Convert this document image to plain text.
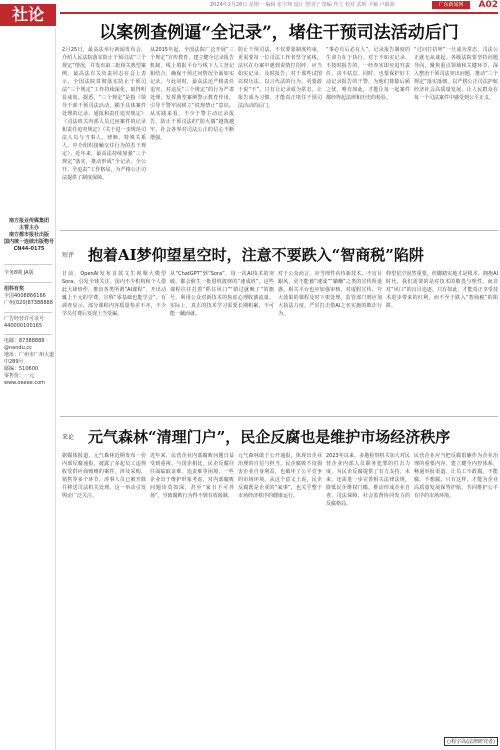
社论	2024年2月26日 星期一 编辑 张宇翔 设计 舒国宁 图编 佟立 校对 武昕 尹颖 卢路源	广东新闻网	A02
南方报业传媒集团
主管主办
南方都市报社出版
国内统一连续出版物号
CN44-0175
全务8期 JA版
招科有奖
全国4008866166
广州(020)87388888
广告经营许可证号
440000100165
电邮：87388888
@nandu.cc
地址：广州市广州大道中289号
邮编：510600
零售价：一元
www.oeeee.com
以案例查例逼“全记录”，堵住干预司法活动后门
2月25日，最高法举行新闻发布会，介绍人民法院落实防止干预司法“三个规定”情况，并发布第二批相关典型案例。最高法有关负责同志在会上表示，全国法院贯彻落实防止干预司法“三个规定”工作持续深化，取得明显成效。据悉，“三个规定”是指《领导干部干预司法活动、插手具体案件处理的记录、通报和责任追究规定》《司法机关内部人员过问案件的记录和责任追究规定》《关于进一步规范司法人员与当事人、律师、特殊关系人、中介组织接触交往行为的若干规定》。近年来，最高法持续加强“三个规定”落实，推动形成“全记录、全公开、全追责”工作格局，为严格公正司法提供了制度保障。
从2015年起，全国法院广泛开展“三个规定”宣传教育，建立健全记录报告机制，线上填报平台与线下人工登记相结合，确保干预过问情况全面如实记录。与此同时，最高法还严格责任追究，对违反“三个规定”的行为严肃处理，发挥典型案例警示教育作用，引导干警牢固树立“铁规禁止”意识。从实践来看，不少干警主动记录报告，防止干预司法的“防火墙”越筑越牢，社会各界对司法公正的信心不断增强。
防止干预司法，不仅要靠制度约束，更需要每一位司法工作者坚守底线。法官在办案中遇到说情打招呼，应当如实记录、及时报告；对于那些试图以权压法、以言代法的行为，更要敢于说“不”。只有让记录成为常态，让报告成为习惯，才能真正堵住干预司法活动的后门。
“事必有后必有人”。记录报告制度的生命力在于执行。对于不如实记录、不按时报告的，一经查实即应追究责任，决不姑息。同时，也要保护好主动记录报告的干警，为他们排除后顾之忧。唯有如此，才能让每一起案件都经得起法律和历史的检验。
“过问打招呼”一旦成为常态，司法公正就无从谈起。各级法院要坚持问题导向，聚焦重点领域和关键环节，深入整治干预司法突出问题，推动“三个规定”落实落细，以严格公正司法护航经济社会高质量发展，让人民群众在每一个司法案件中感受到公平正义。
短评 抱着AI梦仰望星空时，注意不要跌入“智商税”陷阱
日前，OpenAI发布首款文生视频大模型Sora，引发全球关注。国内不少机构和个人借此大肆炒作，推出各类所谓“AI课程”，开出动辄上千元的学费，宣称“零基础也能学会”。有调查显示，部分课程内容质量参差不齐，不少学员付费后发现上当受骗。
从“ChatGPT”到“Sora”，每一次AI技术的突破，都会催生一批借机敛财的“速成班”。这些课程往往打着“抓住风口”“错过就晚了”的旗号，利用公众对新技术的焦虑心理收割流量。实际上，真正的技术学习需要长期积累，不可能一蹴而就。
对于公众而言，应当理性看待新技术，不盲目跟风，更不能被“速成”“躺赚”之类的宣传所迷惑。相关平台也应加强审核，对虚假宣传、夸大效果的课程及时下架处理。监管部门则应加大执法力度，严厉打击借AI之名实施的欺诈行为。
仰望星空固然重要，但脚踏实地才是根本。拥抱AI时代，我们需要的是对技术的敬畏与理性，而非对“风口”的盲目追逐。只有如此，才能真正享受技术进步带来的红利，而不至于跌入“智商税”的陷阱。
来论 元气森林“清理门户”，民企反腐也是维护市场经济秩序
据媒体报道，元气森林近期发布一份内部反腐通报，披露了多起员工违规收受供应商贿赂的案件，涉及采购、销售等多个环节。涉事人员已被开除并移送司法机关处理。这一举动引发舆论广泛关注。
近年来，民营企业内部腐败问题日益受到重视。与国企相比，民企反腐往往面临取证难、追责难等困境。一些企业出于维护形象考虑，对内部腐败问题讳莫如深，甚至“家丑不可外扬”，导致腐败行为得不到有效遏制。
元气森林敢于公开通报，体现出企业治理的自信与担当。民企腐败不仅损害企业自身利益，也破坏了公平竞争的市场环境。从这个意义上说，民企反腐既是企业的“家事”，也关乎整个市场经济秩序的健康运行。
2023年以来，多地检察机关加大对民营企业内部人员职务犯罪的打击力度，为民企反腐提供了有力支持。未来，还需进一步完善相关法律法规，降低民企维权门槛，推动形成企业自查、司法保障、社会监督协同发力的反腐格局。
民营企业应当把反腐倡廉作为企业治理的重要内容，建立健全内控体系，畅通举报渠道，让员工不敢腐、不能腐、不想腐。只有这样，才能为企业高质量发展保驾护航，共同维护公平有序的市场环境。
○程宇高(法律研究者)
